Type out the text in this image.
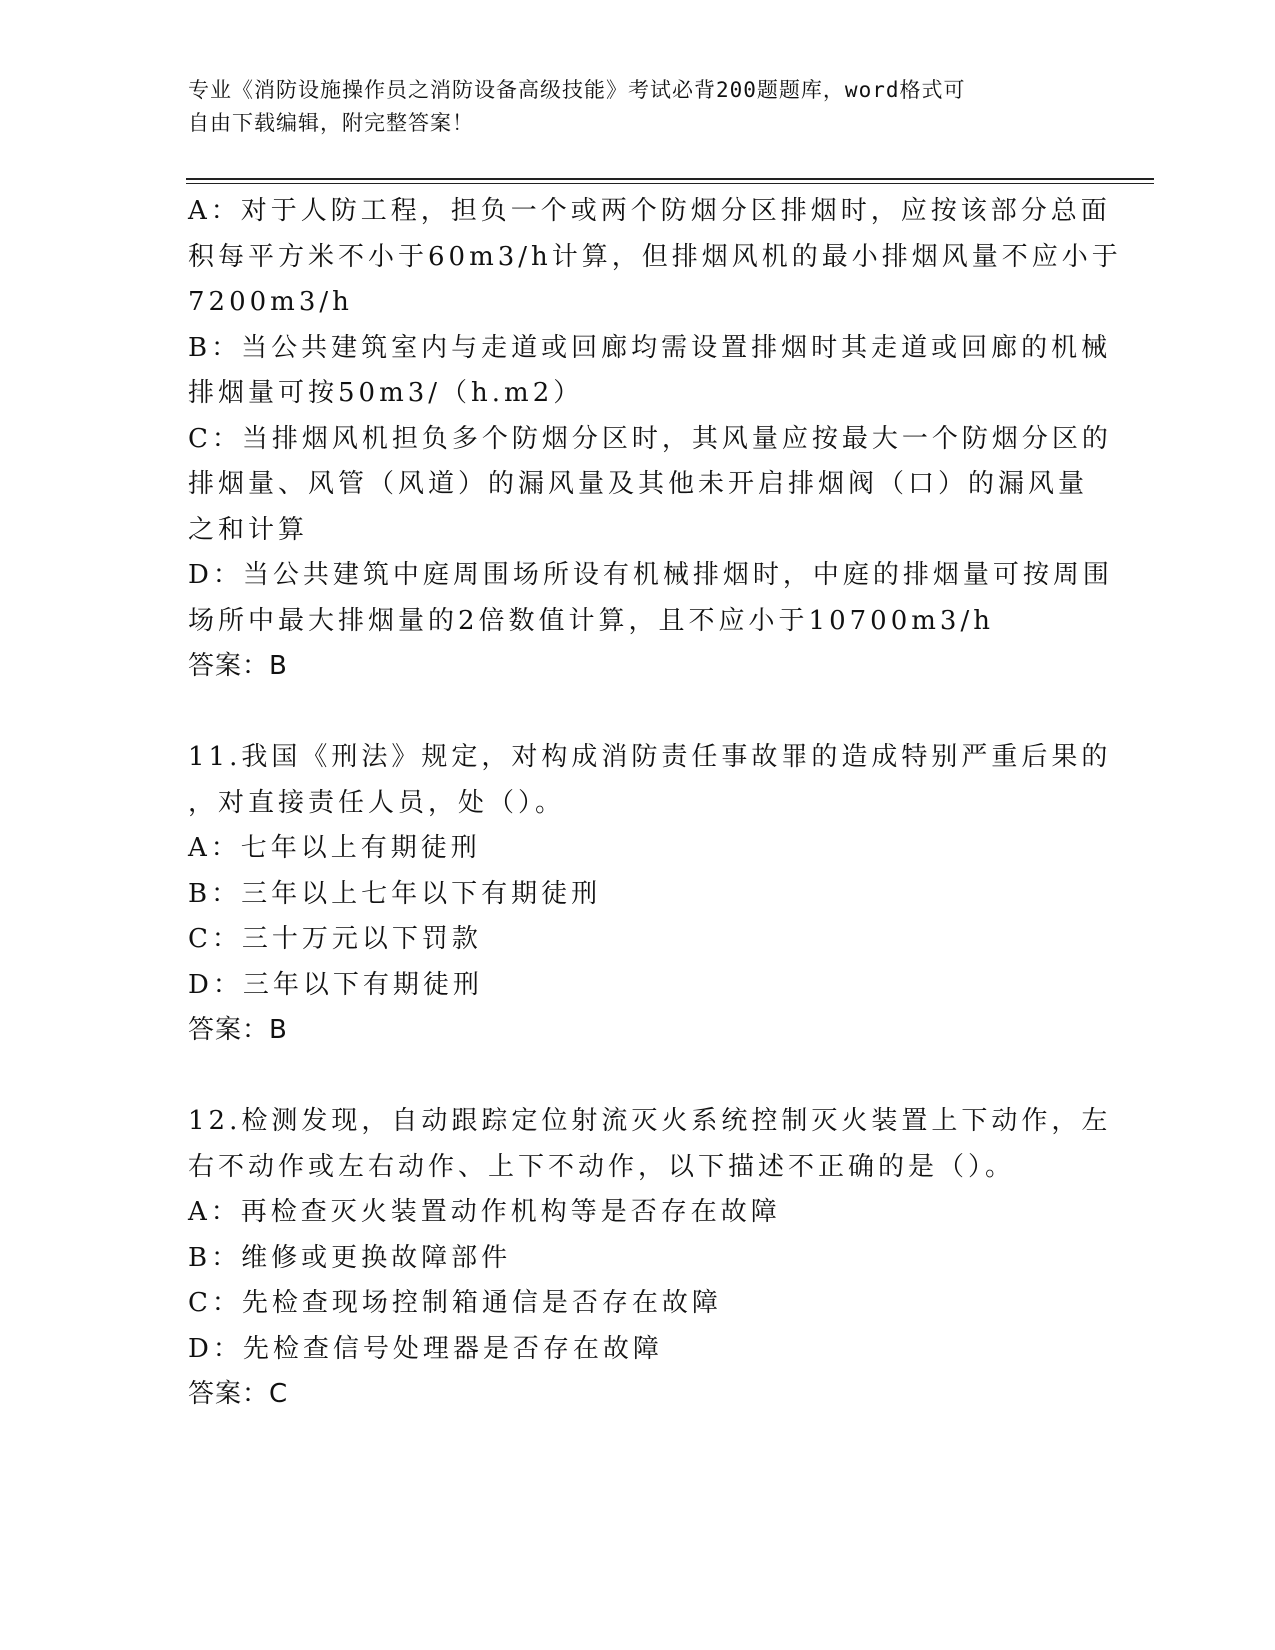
专业《消防设施操作员之消防设备高级技能》考试必背200题题库，word格式可
自由下载编辑，附完整答案！
A：对于人防工程，担负一个或两个防烟分区排烟时，应按该部分总面
积每平方米不小于60m3/h计算，但排烟风机的最小排烟风量不应小于
7200m3/h
B：当公共建筑室内与走道或回廊均需设置排烟时其走道或回廊的机械
排烟量可按50m3/（h.m2）
C：当排烟风机担负多个防烟分区时，其风量应按最大一个防烟分区的
排烟量、风管（风道）的漏风量及其他未开启排烟阀（口）的漏风量
之和计算
D：当公共建筑中庭周围场所设有机械排烟时，中庭的排烟量可按周围
场所中最大排烟量的2倍数值计算，且不应小于10700m3/h
答案：B
11.我国《刑法》规定，对构成消防责任事故罪的造成特别严重后果的
，对直接责任人员，处（）。
A：七年以上有期徒刑
B：三年以上七年以下有期徒刑
C：三十万元以下罚款
D：三年以下有期徒刑
答案：B
12.检测发现，自动跟踪定位射流灭火系统控制灭火装置上下动作，左
右不动作或左右动作、上下不动作，以下描述不正确的是（）。
A：再检查灭火装置动作机构等是否存在故障
B：维修或更换故障部件
C：先检查现场控制箱通信是否存在故障
D：先检查信号处理器是否存在故障
答案：C
